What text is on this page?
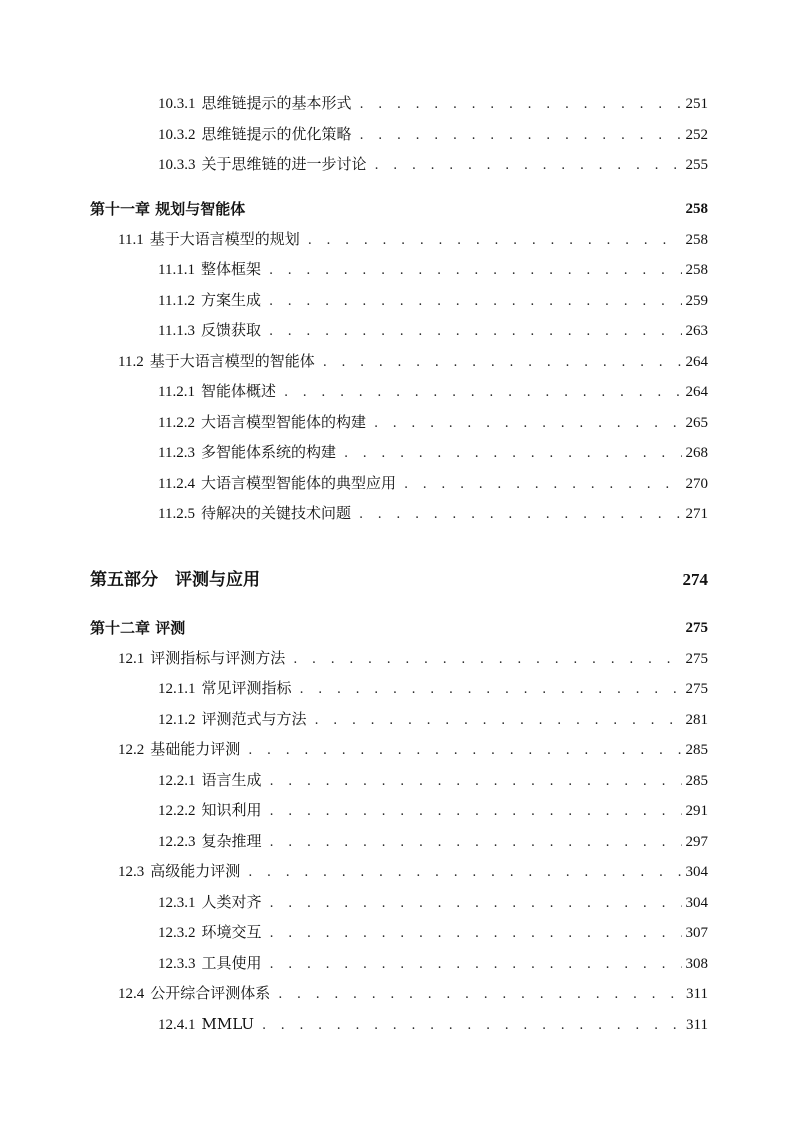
10.3.1 思维链提示的基本形式 . . .	251
10.3.2 思维链提示的优化策略 . . .	252
10.3.3 关于思维链的进一步讨论 . . .	255
第十一章 规划与智能体	258
11.1 基于大语言模型的规划 . . .	258
11.1.1 整体框架 . . .	258
11.1.2 方案生成 . . .	259
11.1.3 反馈获取 . . .	263
11.2 基于大语言模型的智能体 . . .	264
11.2.1 智能体概述 . . .	264
11.2.2 大语言模型智能体的构建 . . .	265
11.2.3 多智能体系统的构建 . . .	268
11.2.4 大语言模型智能体的典型应用 . . .	270
11.2.5 待解决的关键技术问题 . . .	271
第五部分　评测与应用	274
第十二章 评测	275
12.1 评测指标与评测方法 . . .	275
12.1.1 常见评测指标 . . .	275
12.1.2 评测范式与方法 . . .	281
12.2 基础能力评测 . . .	285
12.2.1 语言生成 . . .	285
12.2.2 知识利用 . . .	291
12.2.3 复杂推理 . . .	297
12.3 高级能力评测 . . .	304
12.3.1 人类对齐 . . .	304
12.3.2 环境交互 . . .	307
12.3.3 工具使用 . . .	308
12.4 公开综合评测体系 . . .	311
12.4.1 MMLU . . .	311
